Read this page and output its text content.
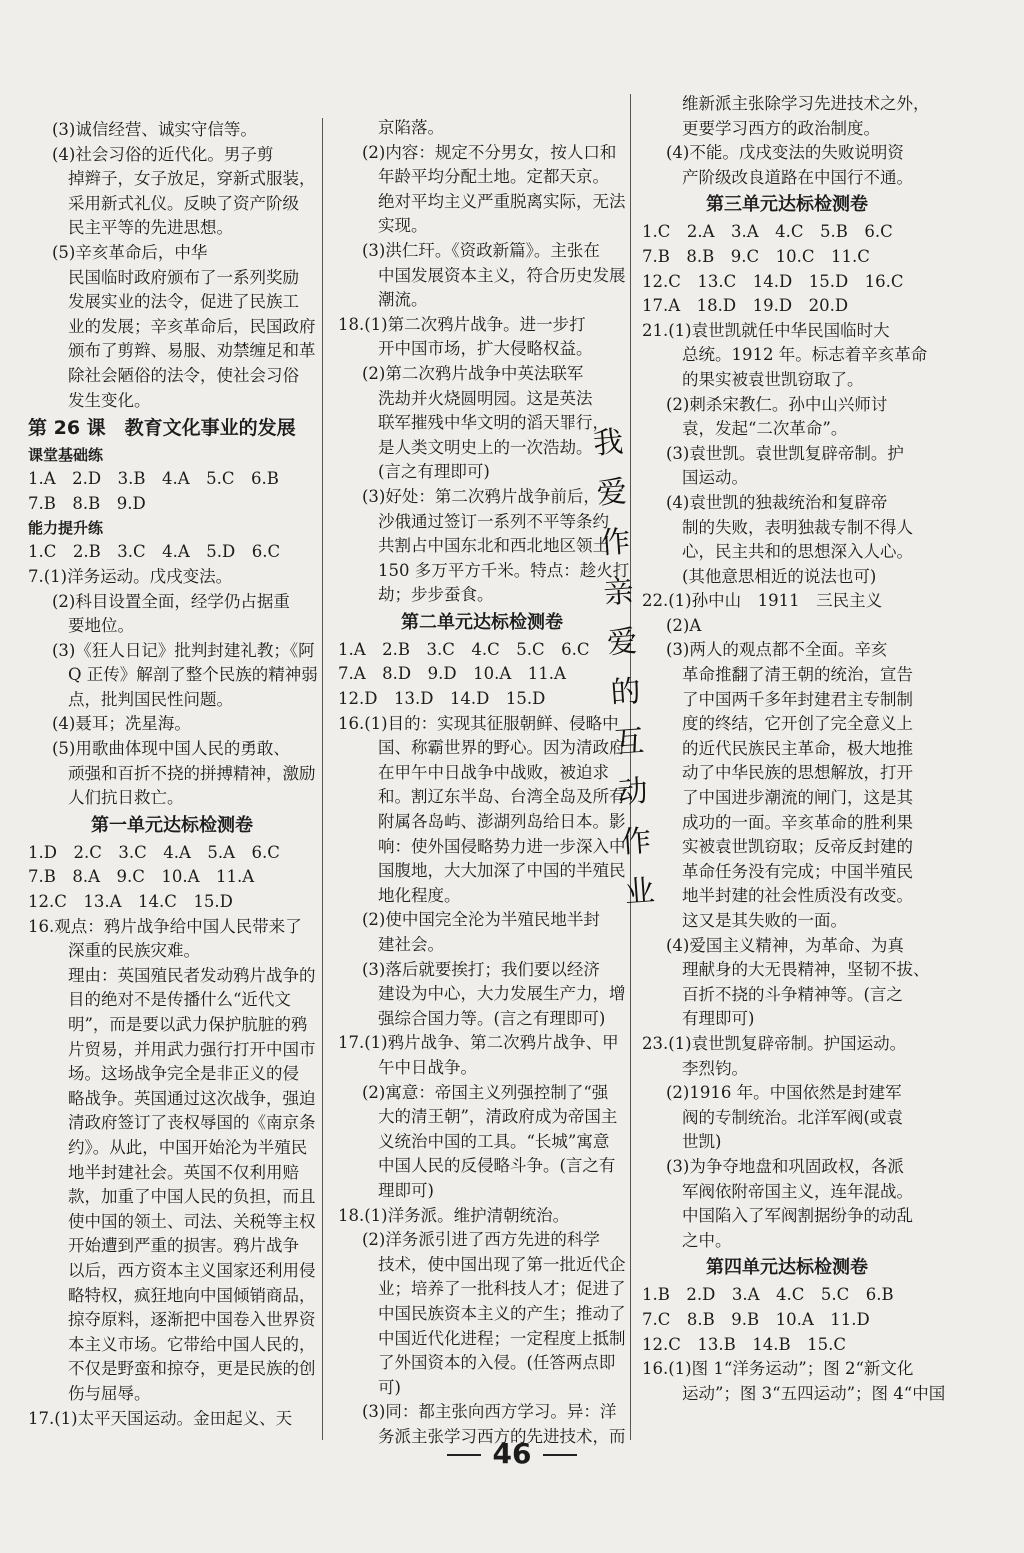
(3)诚信经营、诚实守信等。
(4)社会习俗的近代化。男子剪
掉辫子，女子放足，穿新式服装，
采用新式礼仪。反映了资产阶级
民主平等的先进思想。
(5)辛亥革命后，中华
民国临时政府颁布了一系列奖励
发展实业的法令，促进了民族工
业的发展；辛亥革命后，民国政府
颁布了剪辫、易服、劝禁缠足和革
除社会陋俗的法令，使社会习俗
发生变化。
第 26 课　教育文化事业的发展
课堂基础练
1.A　2.D　3.B　4.A　5.C　6.B
7.B　8.B　9.D
能力提升练
1.C　2.B　3.C　4.A　5.D　6.C
7.(1)洋务运动。戊戌变法。
(2)科目设置全面，经学仍占据重
要地位。
(3)《狂人日记》批判封建礼教；《阿
Q 正传》解剖了整个民族的精神弱
点，批判国民性问题。
(4)聂耳；冼星海。
(5)用歌曲体现中国人民的勇敢、
顽强和百折不挠的拼搏精神，激励
人们抗日救亡。
第一单元达标检测卷
1.D　2.C　3.C　4.A　5.A　6.C
7.B　8.A　9.C　10.A　11.A
12.C　13.A　14.C　15.D
16.观点：鸦片战争给中国人民带来了
深重的民族灾难。
理由：英国殖民者发动鸦片战争的
目的绝对不是传播什么“近代文
明”，而是要以武力保护肮脏的鸦
片贸易，并用武力强行打开中国市
场。这场战争完全是非正义的侵
略战争。英国通过这次战争，强迫
清政府签订了丧权辱国的《南京条
约》。从此，中国开始沦为半殖民
地半封建社会。英国不仅利用赔
款，加重了中国人民的负担，而且
使中国的领土、司法、关税等主权
开始遭到严重的损害。鸦片战争
以后，西方资本主义国家还利用侵
略特权，疯狂地向中国倾销商品，
掠夺原料，逐渐把中国卷入世界资
本主义市场。它带给中国人民的，
不仅是野蛮和掠夺，更是民族的创
伤与屈辱。
17.(1)太平天国运动。金田起义、天
京陷落。
(2)内容：规定不分男女，按人口和
年龄平均分配土地。定都天京。
绝对平均主义严重脱离实际，无法
实现。
(3)洪仁玕。《资政新篇》。主张在
中国发展资本主义，符合历史发展
潮流。
18.(1)第二次鸦片战争。进一步打
开中国市场，扩大侵略权益。
(2)第二次鸦片战争中英法联军
洗劫并火烧圆明园。这是英法
联军摧残中华文明的滔天罪行，
是人类文明史上的一次浩劫。
(言之有理即可)
(3)好处：第二次鸦片战争前后，
沙俄通过签订一系列不平等条约
共割占中国东北和西北地区领土
150 多万平方千米。特点：趁火打
劫；步步蚕食。
第二单元达标检测卷
1.A　2.B　3.C　4.C　5.C　6.C
7.A　8.D　9.D　10.A　11.A
12.D　13.D　14.D　15.D
16.(1)目的：实现其征服朝鲜、侵略中
国、称霸世界的野心。因为清政府
在甲午中日战争中战败，被迫求
和。割辽东半岛、台湾全岛及所有
附属各岛屿、澎湖列岛给日本。影
响：使外国侵略势力进一步深入中
国腹地，大大加深了中国的半殖民
地化程度。
(2)使中国完全沦为半殖民地半封
建社会。
(3)落后就要挨打；我们要以经济
建设为中心，大力发展生产力，增
强综合国力等。(言之有理即可)
17.(1)鸦片战争、第二次鸦片战争、甲
午中日战争。
(2)寓意：帝国主义列强控制了“强
大的清王朝”，清政府成为帝国主
义统治中国的工具。“长城”寓意
中国人民的反侵略斗争。(言之有
理即可)
18.(1)洋务派。维护清朝统治。
(2)洋务派引进了西方先进的科学
技术，使中国出现了第一批近代企
业；培养了一批科技人才；促进了
中国民族资本主义的产生；推动了
中国近代化进程；一定程度上抵制
了外国资本的入侵。(任答两点即
可)
(3)同：都主张向西方学习。异：洋
务派主张学习西方的先进技术，而
维新派主张除学习先进技术之外，
更要学习西方的政治制度。
(4)不能。戊戌变法的失败说明资
产阶级改良道路在中国行不通。
第三单元达标检测卷
1.C　2.A　3.A　4.C　5.B　6.C
7.B　8.B　9.C　10.C　11.C
12.C　13.C　14.D　15.D　16.C
17.A　18.D　19.D　20.D
21.(1)袁世凯就任中华民国临时大
总统。1912 年。标志着辛亥革命
的果实被袁世凯窃取了。
(2)刺杀宋教仁。孙中山兴师讨
袁，发起“二次革命”。
(3)袁世凯。袁世凯复辟帝制。护
国运动。
(4)袁世凯的独裁统治和复辟帝
制的失败，表明独裁专制不得人
心，民主共和的思想深入人心。
(其他意思相近的说法也可)
22.(1)孙中山　1911　三民主义
(2)A
(3)两人的观点都不全面。辛亥
革命推翻了清王朝的统治，宣告
了中国两千多年封建君主专制制
度的终结，它开创了完全意义上
的近代民族民主革命，极大地推
动了中华民族的思想解放，打开
了中国进步潮流的闸门，这是其
成功的一面。辛亥革命的胜利果
实被袁世凯窃取；反帝反封建的
革命任务没有完成；中国半殖民
地半封建的社会性质没有改变。
这又是其失败的一面。
(4)爱国主义精神，为革命、为真
理献身的大无畏精神，坚韧不拔、
百折不挠的斗争精神等。(言之
有理即可)
23.(1)袁世凯复辟帝制。护国运动。
李烈钧。
(2)1916 年。中国依然是封建军
阀的专制统治。北洋军阀(或袁
世凯)
(3)为争夺地盘和巩固政权，各派
军阀依附帝国主义，连年混战。
中国陷入了军阀割据纷争的动乱
之中。
第四单元达标检测卷
1.B　2.D　3.A　4.C　5.C　6.B
7.C　8.B　9.B　10.A　11.D
12.C　13.B　14.B　15.C
16.(1)图 1“洋务运动”；图 2“新文化
运动”；图 3“五四运动”；图 4“中国
我
爱
作
亲
爱
的
互
动
作
业
46
